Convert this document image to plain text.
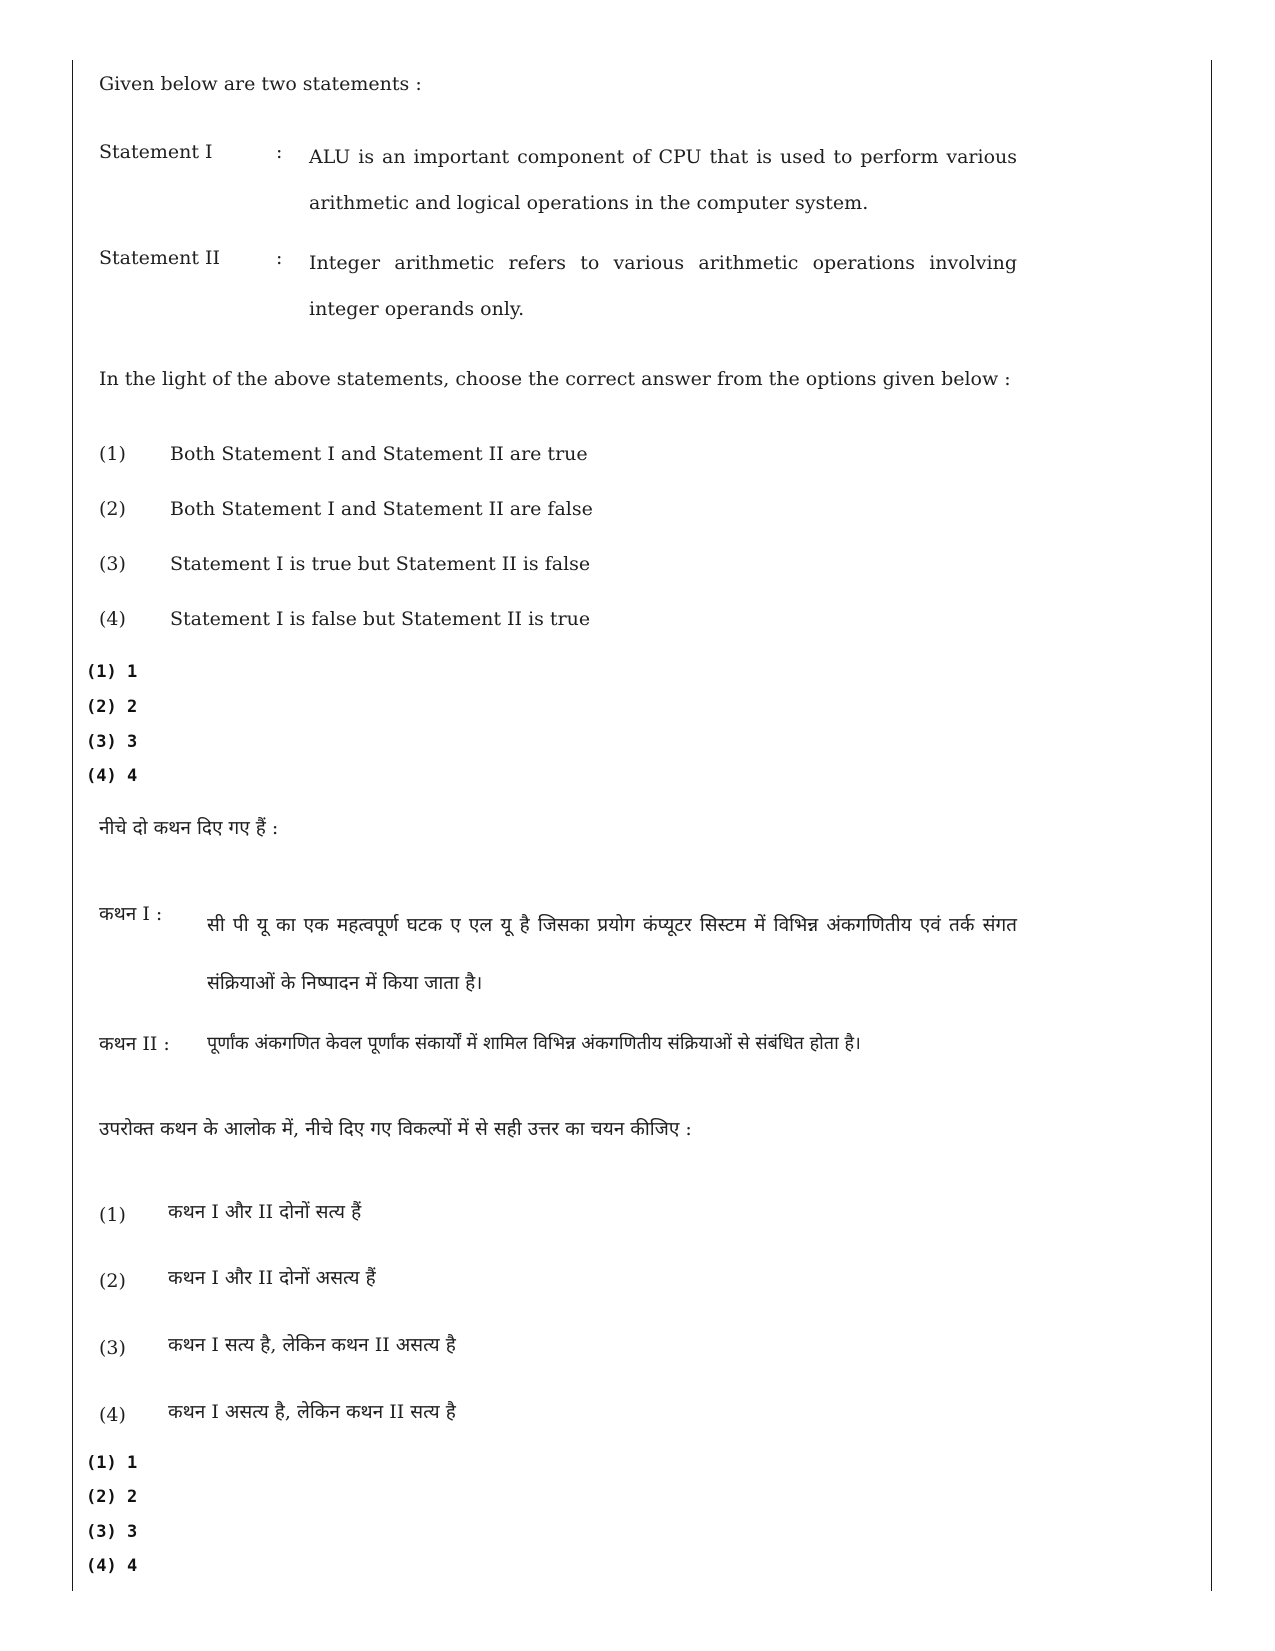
Given below are two statements :
Statement I	: ALU is an important component of CPU that is used to perform various arithmetic and logical operations in the computer system.
Statement II	: Integer arithmetic refers to various arithmetic operations involving integer operands only.
In the light of the above statements, choose the correct answer from the options given below :
(1) Both Statement I and Statement II are true
(2) Both Statement I and Statement II are false
(3) Statement I is true but Statement II is false
(4) Statement I is false but Statement II is true
(1) 1
(2) 2
(3) 3
(4) 4
नीचे दो कथन दिए गए हैं :
कथन I : सी पी यू का एक महत्वपूर्ण घटक ए एल यू है जिसका प्रयोग कंप्यूटर सिस्टम में विभिन्न अंकगणितीय एवं तर्क संगत संक्रियाओं के निष्पादन में किया जाता है।
कथन II : पूर्णांक अंकगणित केवल पूर्णांक संकार्यों में शामिल विभिन्न अंकगणितीय संक्रियाओं से संबंधित होता है।
उपरोक्त कथन के आलोक में, नीचे दिए गए विकल्पों में से सही उत्तर का चयन कीजिए :
(1) कथन I और II दोनों सत्य हैं
(2) कथन I और II दोनों असत्य हैं
(3) कथन I सत्य है, लेकिन कथन II असत्य है
(4) कथन I असत्य है, लेकिन कथन II सत्य है
(1) 1
(2) 2
(3) 3
(4) 4
